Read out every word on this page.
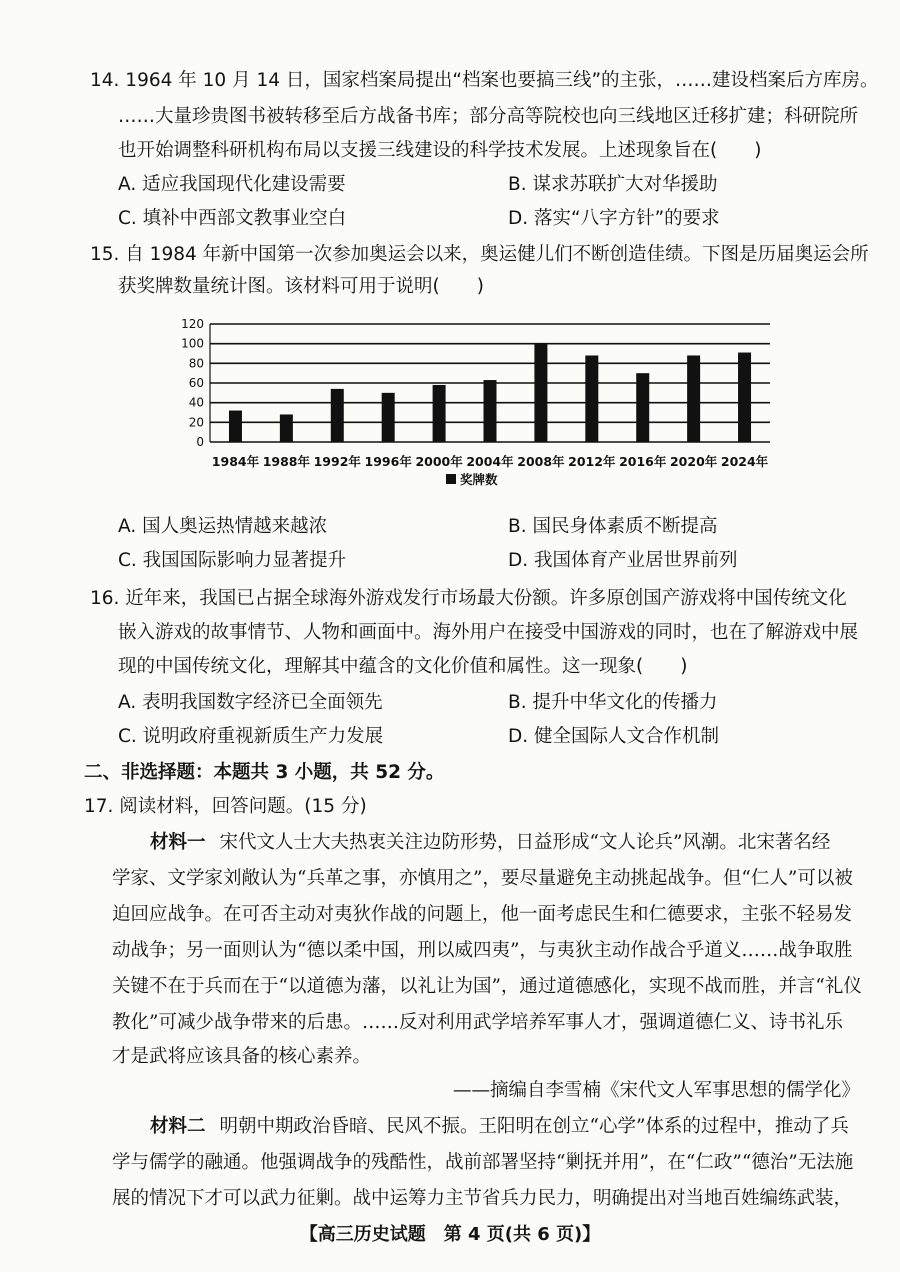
14. 1964 年 10 月 14 日，国家档案局提出“档案也要搞三线”的主张，……建设档案后方库房。
……大量珍贵图书被转移至后方战备书库；部分高等院校也向三线地区迁移扩建；科研院所
也开始调整科研机构布局以支援三线建设的科学技术发展。上述现象旨在(　　)
A. 适应我国现代化建设需要	B. 谋求苏联扩大对华援助
C. 填补中西部文教事业空白	D. 落实“八字方针”的要求
15. 自 1984 年新中国第一次参加奥运会以来，奥运健儿们不断创造佳绩。下图是历届奥运会所
获奖牌数量统计图。该材料可用于说明(　　)
0
20
40
60
80
100
120
1984年 1988年 1992年 1996年 2000年 2004年 2008年 2012年 2016年 2020年 2024年
奖牌数
A. 国人奥运热情越来越浓	B. 国民身体素质不断提高
C. 我国国际影响力显著提升	D. 我国体育产业居世界前列
16. 近年来，我国已占据全球海外游戏发行市场最大份额。许多原创国产游戏将中国传统文化
嵌入游戏的故事情节、人物和画面中。海外用户在接受中国游戏的同时，也在了解游戏中展
现的中国传统文化，理解其中蕴含的文化价值和属性。这一现象(　　)
A. 表明我国数字经济已全面领先	B. 提升中华文化的传播力
C. 说明政府重视新质生产力发展	D. 健全国际人文合作机制
二、非选择题：本题共 3 小题，共 52 分。
17. 阅读材料，回答问题。(15 分)
材料一 宋代文人士大夫热衷关注边防形势，日益形成“文人论兵”风潮。北宋著名经
学家、文学家刘敞认为“兵革之事，亦慎用之”，要尽量避免主动挑起战争。但“仁人”可以被
迫回应战争。在可否主动对夷狄作战的问题上，他一面考虑民生和仁德要求，主张不轻易发
动战争；另一面则认为“德以柔中国，刑以威四夷”，与夷狄主动作战合乎道义……战争取胜
关键不在于兵而在于“以道德为藩，以礼让为国”，通过道德感化，实现不战而胜，并言“礼仪
教化”可减少战争带来的后患。……反对利用武学培养军事人才，强调道德仁义、诗书礼乐
才是武将应该具备的核心素养。
——摘编自李雪楠《宋代文人军事思想的儒学化》
材料二 明朝中期政治昏暗、民风不振。王阳明在创立“心学”体系的过程中，推动了兵
学与儒学的融通。他强调战争的残酷性，战前部署坚持“剿抚并用”，在“仁政”“德治”无法施
展的情况下才可以武力征剿。战中运筹力主节省兵力民力，明确提出对当地百姓编练武装，
【高三历史试题　第 4 页(共 6 页)】
